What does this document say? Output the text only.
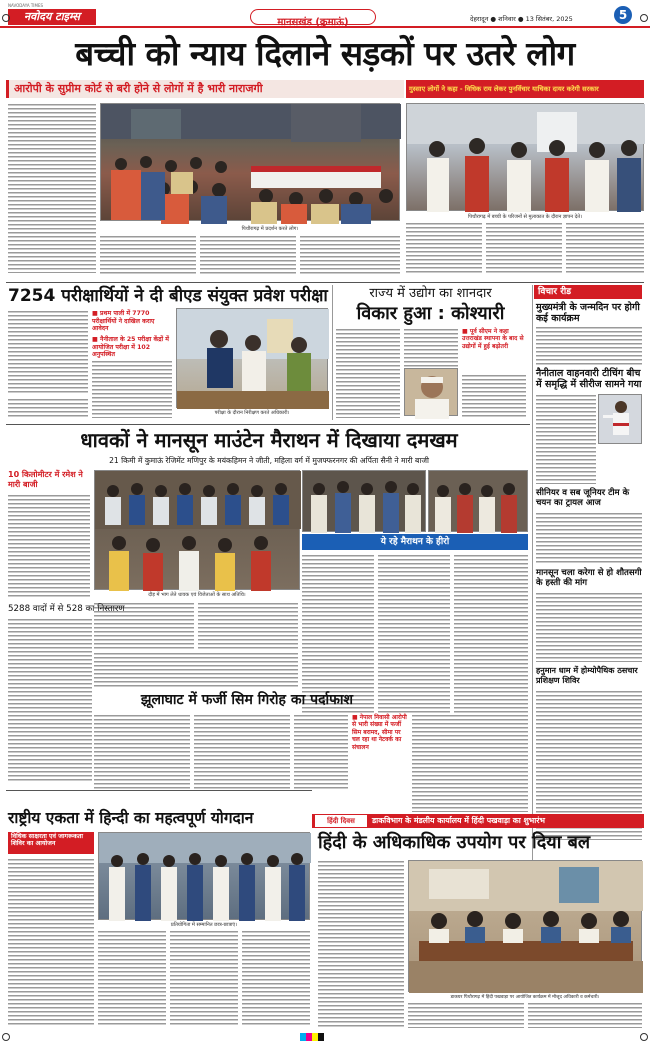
NAVODAYA TIMES
नवोदय टाइम्स	मानसखंड (कुमाऊं)	देहरादून ● शनिवार ● 13 सितंबर, 2025	5
बच्ची को न्याय दिलाने सड़कों पर उतरे लोग
आरोपी के सुप्रीम कोर्ट से बरी होने से लोगों में है भारी नाराजगी	गुस्साए लोगों ने कहा - विधिक राय लेकर पुनर्विचार याचिका दायर करेगी सरकार
पिथौरागढ़ में प्रदर्शन करते लोग।
पिथौरागढ़ में बच्ची के परिजनों से मुलाकात के दौरान ज्ञापन देते।
7254 परीक्षार्थियों ने दी बीएड संयुक्त प्रवेश परीक्षा
■ प्रथम पाली में 7770 परीक्षार्थियों ने दाखिल कराए आवेदन
■ नैनीताल के 25 परीक्षा केंद्रों में आयोजित परीक्षा में 102 अनुपस्थित
परीक्षा के दौरान निरीक्षण करते अधिकारी।
राज्य में उद्योग का शानदार
विकार हुआ : कोश्यारी
■ पूर्व सीएम ने कहा उत्तराखंड स्थापना के बाद से उद्योगों में हुई बढ़ोतरी
विचार रीड
मुख्यमंत्री के जन्मदिन पर होगी कई कार्यक्रम
नैनीताल वाहनवारी टीचिंग बीच में समृद्धि में सीरीज सामने गया
सीनियर व सब जूनियर टीम के चयन का ट्रायल आज
मानसून चला करेगा से हो शौतसगी के हस्ती की मांग
हनुमान धाम में होम्योपैथिक ठसचार प्रशिक्षण शिविर
धावकों ने मानसून माउंटेन मैराथन में दिखाया दमखम
21 किमी में कुमाऊं रेजिमेंट मणिपुर के मयंकहिमन ने जीती, महिला वर्ग में मुजफ्फरनगर की अर्पिता सैनी ने मारी बाजी
10 किलोमीटर में रमेश ने मारी बाजी
दौड़ में भाग लेते धावक एवं विजेताओं के साथ अतिथि।
ये रहे मैराथन के हीरो
5288 वादों में से 528 का निस्तारण
झूलाघाट में फर्जी सिम गिरोह का पर्दाफाश
■ नेपाल निवासी आरोपी से भारी संख्या में फर्जी सिम बरामद, सीमा पर चल रहा था नेटवर्क का संचालन
हिंदी दिवस	डाकविभाग के मंडलीय कार्यालय में हिंदी पखवाड़ा का शुभारंभ
राष्ट्रीय एकता में हिन्दी का महत्वपूर्ण योगदान
विधिक साक्षरता एवं जागरूकता शिविर का आयोजन
प्रतियोगिता में सम्मानित छात्र-छात्राएं।
हिंदी के अधिकाधिक उपयोग पर दिया बल
डाकघर पिथौरागढ़ में हिंदी पखवाड़ा पर आयोजित कार्यक्रम में मौजूद अधिकारी व कर्मचारी।
